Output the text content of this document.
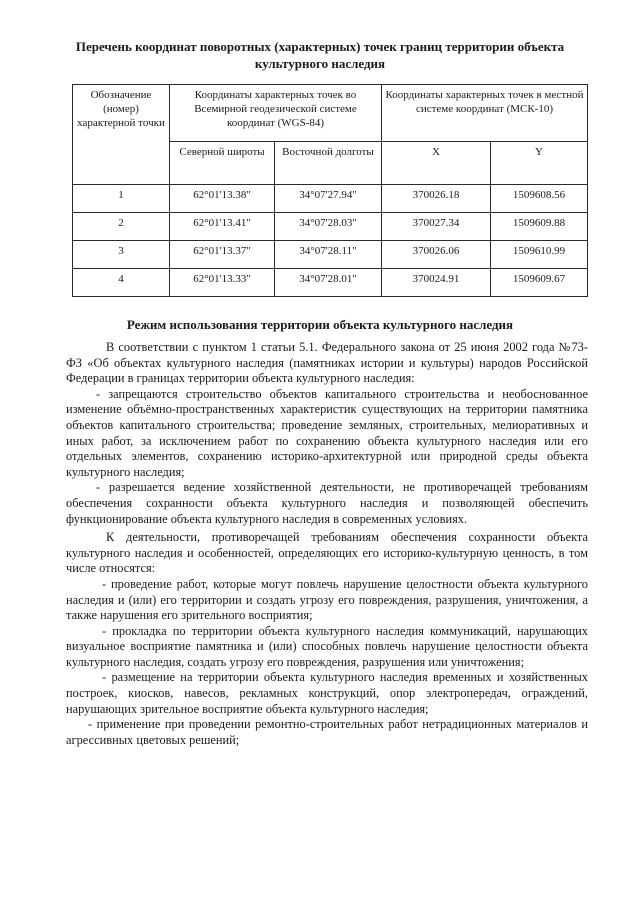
Перечень координат поворотных (характерных) точек границ территории объекта культурного наследия
Обозначение (номер) характерной точки	Координаты характерных точек во Всемирной геодезической системе координат (WGS-84)		Координаты характерных точек в местной системе координат (МСК-10)	
	Северной широты	Восточной долготы	X	Y
1	62°01'13.38"	34°07'27.94"	370026.18	1509608.56
2	62°01'13.41"	34°07'28.03"	370027.34	1509609.88
3	62°01'13.37"	34°07'28.11"	370026.06	1509610.99
4	62°01'13.33"	34°07'28.01"	370024.91	1509609.67
Режим использования территории объекта культурного наследия

В соответствии с пунктом 1 статьи 5.1. Федерального закона от 25 июня 2002 года №73-ФЗ «Об объектах культурного наследия (памятниках истории и культуры) народов Российской Федерации в границах территории объекта культурного наследия:

- запрещаются строительство объектов капитального строительства и необоснованное изменение объёмно-пространственных характеристик существующих на территории памятника объектов капитального строительства; проведение земляных, строительных, мелиоративных и иных работ, за исключением работ по сохранению объекта культурного наследия или его отдельных элементов, сохранению историко-архитектурной или природной среды объекта культурного наследия;

- разрешается ведение хозяйственной деятельности, не противоречащей требованиям обеспечения сохранности объекта культурного наследия и позволяющей обеспечить функционирование объекта культурного наследия в современных условиях.

К деятельности, противоречащей требованиям обеспечения сохранности объекта культурного наследия и особенностей, определяющих его историко-культурную ценность, в том числе относятся:

- проведение работ, которые могут повлечь нарушение целостности объекта культурного наследия и (или) его территории и создать угрозу его повреждения, разрушения, уничтожения, а также нарушения его зрительного восприятия;

- прокладка по территории объекта культурного наследия коммуникаций, нарушающих визуальное восприятие памятника и (или) способных повлечь нарушение целостности объекта культурного наследия, создать угрозу его повреждения, разрушения или уничтожения;

- размещение на территории объекта культурного наследия временных и хозяйственных построек, киосков, навесов, рекламных конструкций, опор электропередач, ограждений, нарушающих зрительное восприятие объекта культурного наследия;

- применение при проведении ремонтно-строительных работ нетрадиционных материалов и агрессивных цветовых решений;
